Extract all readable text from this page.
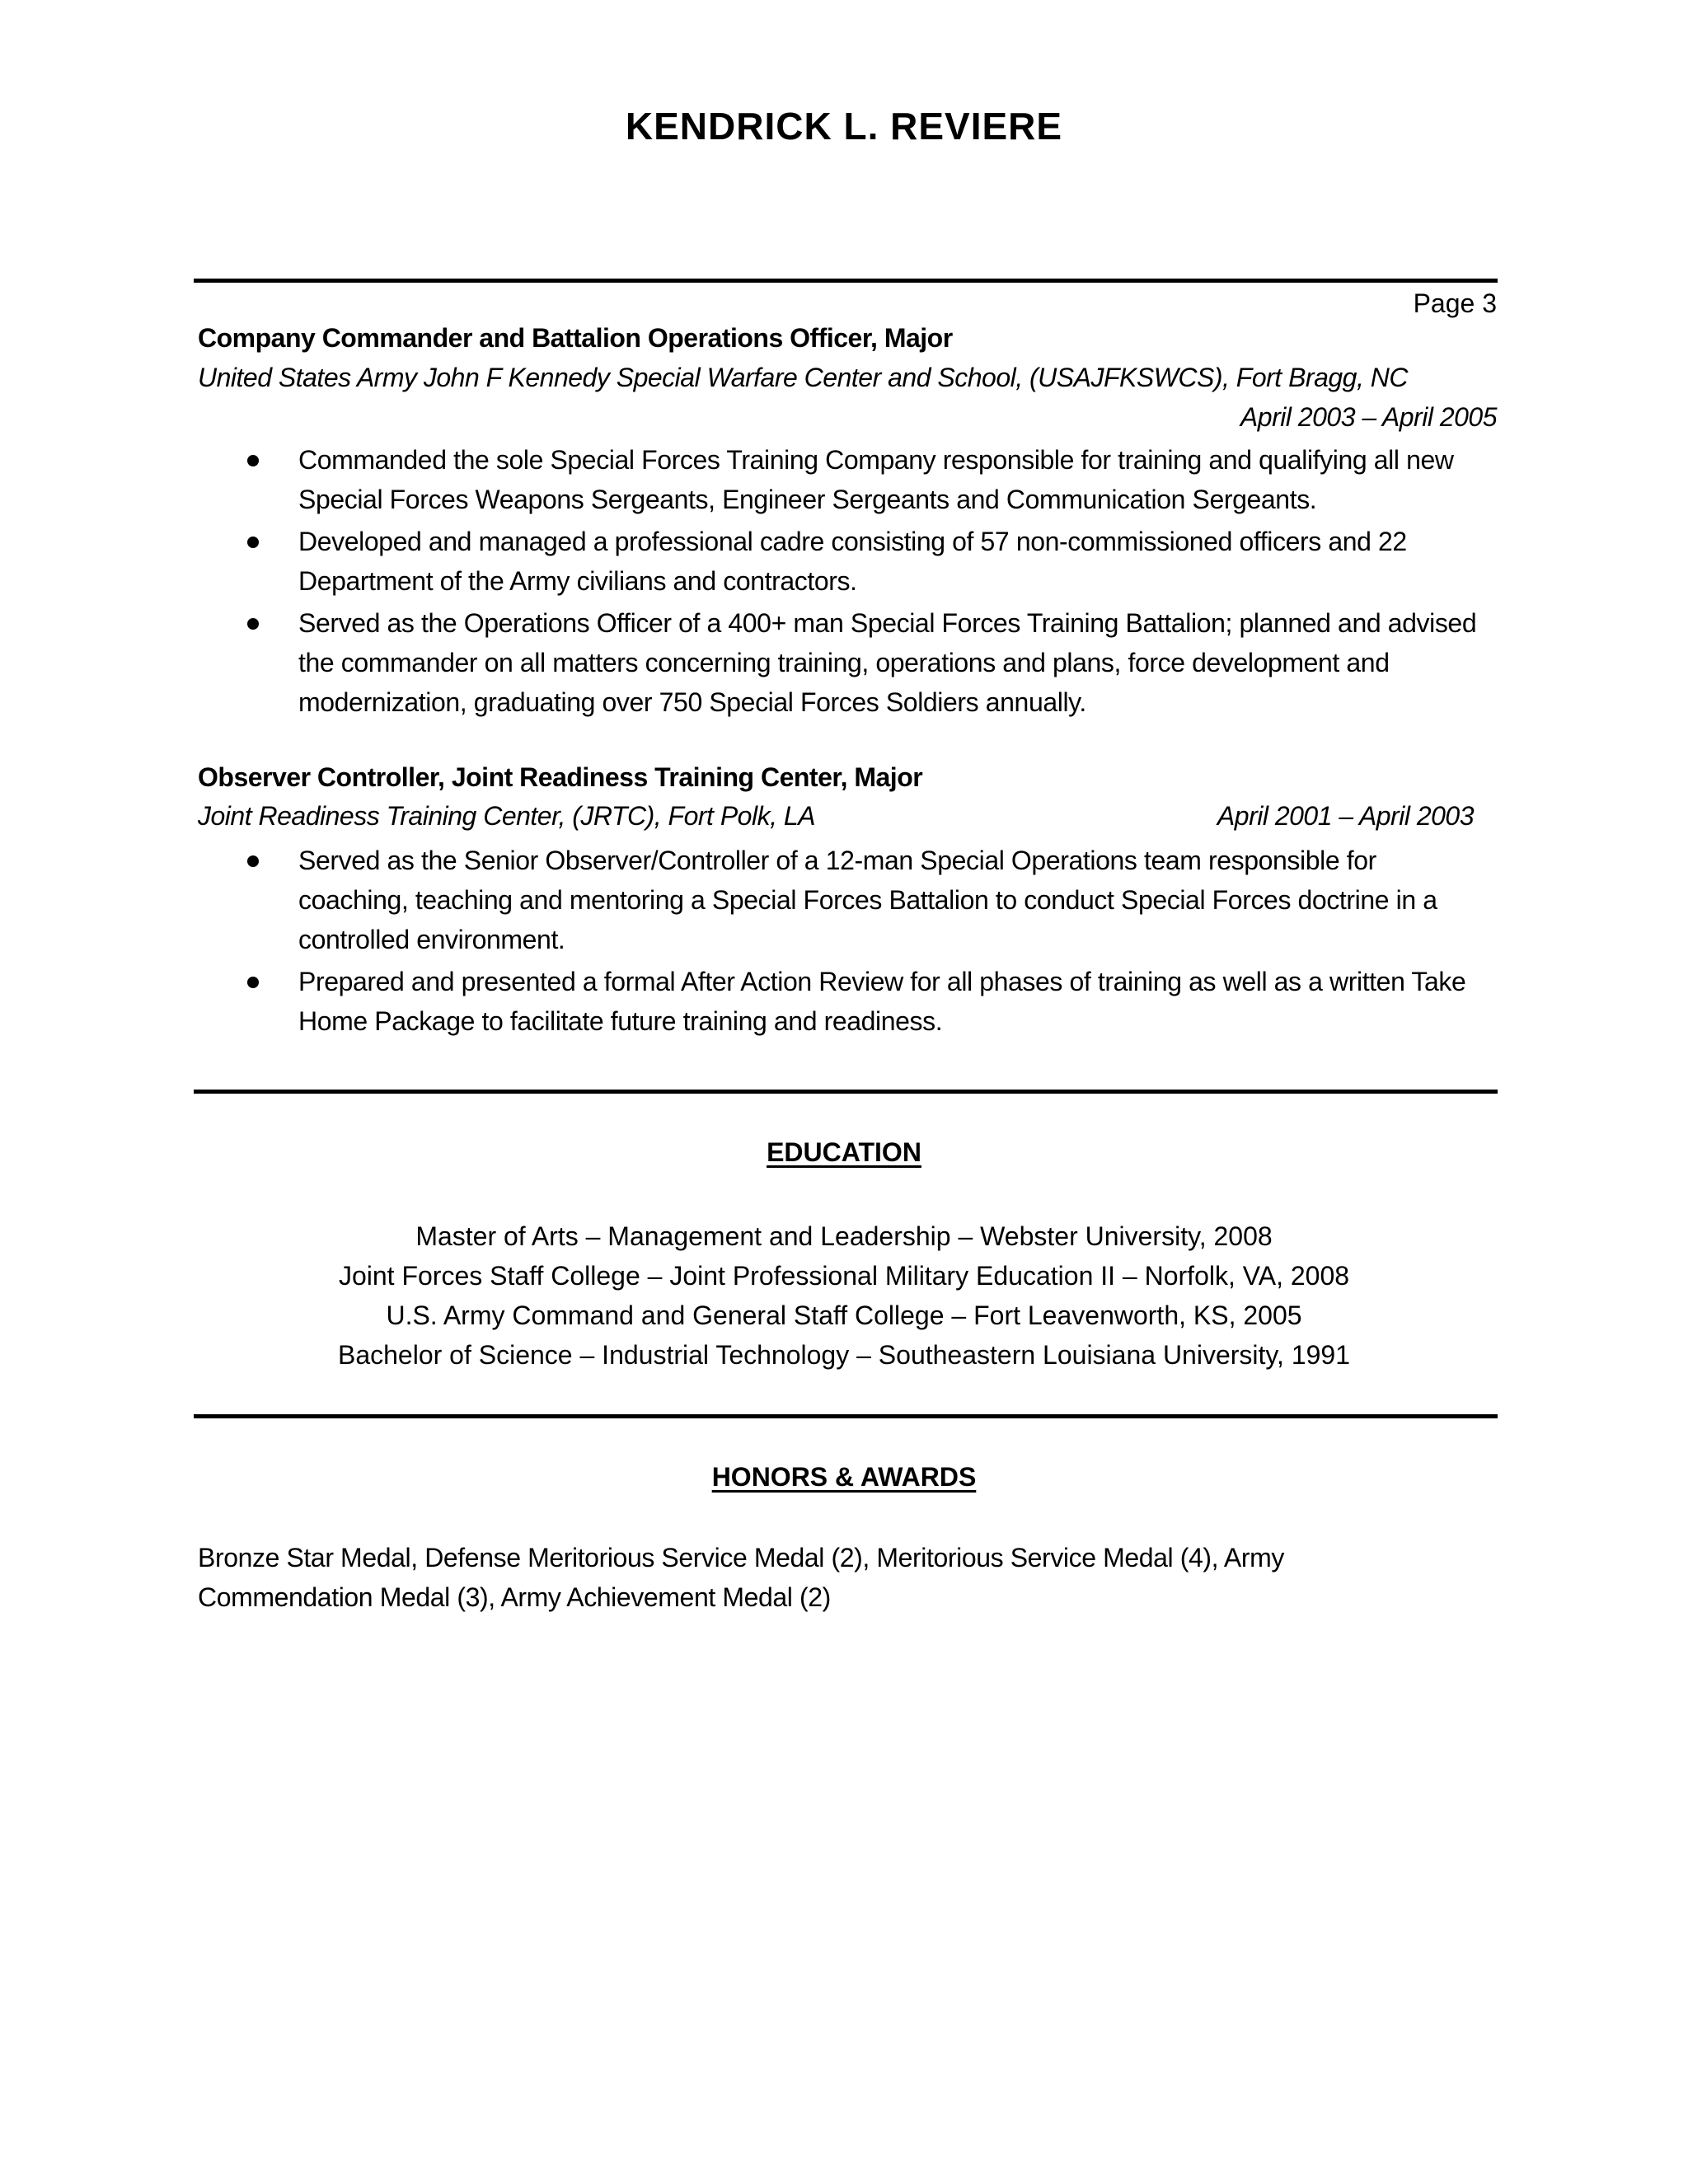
KENDRICK L. REVIERE
Page 3
Company Commander and Battalion Operations Officer, Major
United States Army John F Kennedy Special Warfare Center and School, (USAJFKSWCS), Fort Bragg, NC
April 2003 – April 2005
Commanded the sole Special Forces Training Company responsible for training and qualifying all new Special Forces Weapons Sergeants, Engineer Sergeants and Communication Sergeants.
Developed and managed a professional cadre consisting of 57 non-commissioned officers and 22 Department of the Army civilians and contractors.
Served as the Operations Officer of a 400+ man Special Forces Training Battalion; planned and advised the commander on all matters concerning training, operations and plans, force development and modernization, graduating over 750 Special Forces Soldiers annually.
Observer Controller, Joint Readiness Training Center, Major
Joint Readiness Training Center, (JRTC), Fort Polk, LA	April 2001 – April 2003
Served as the Senior Observer/Controller of a 12-man Special Operations team responsible for coaching, teaching and mentoring a Special Forces Battalion to conduct Special Forces doctrine in a controlled environment.
Prepared and presented a formal After Action Review for all phases of training as well as a written Take Home Package to facilitate future training and readiness.
EDUCATION
Master of Arts – Management and Leadership – Webster University, 2008
Joint Forces Staff College – Joint Professional Military Education II – Norfolk, VA, 2008
U.S. Army Command and General Staff College – Fort Leavenworth, KS, 2005
Bachelor of Science – Industrial Technology – Southeastern Louisiana University, 1991
HONORS & AWARDS
Bronze Star Medal, Defense Meritorious Service Medal (2), Meritorious Service Medal (4), Army Commendation Medal (3), Army Achievement Medal (2)
